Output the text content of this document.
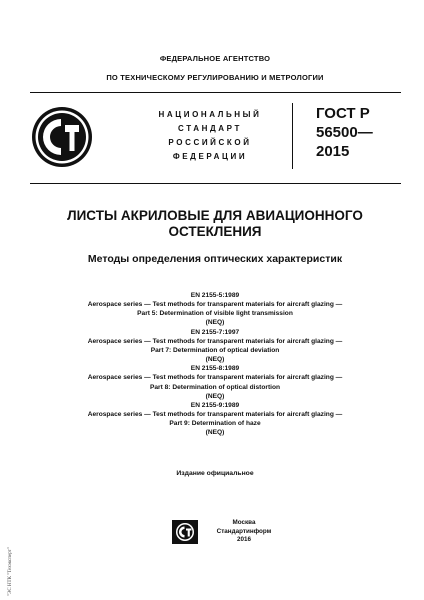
ФЕДЕРАЛЬНОЕ АГЕНТСТВО
ПО ТЕХНИЧЕСКОМУ РЕГУЛИРОВАНИЮ И МЕТРОЛОГИИ
НАЦИОНАЛЬНЫЙ
СТАНДАРТ
РОССИЙСКОЙ
ФЕДЕРАЦИИ
ГОСТ Р
56500—
2015
ЛИСТЫ АКРИЛОВЫЕ ДЛЯ АВИАЦИОННОГО
ОСТЕКЛЕНИЯ
Методы определения оптических характеристик
EN 2155-5:1989
Aerospace series — Test methods for transparent materials for aircraft glazing —
Part 5: Determination of visible light transmission
(NEQ)
EN 2155-7:1997
Aerospace series — Test methods for transparent materials for aircraft glazing —
Part 7: Determination of optical deviation
(NEQ)
EN 2155-8:1989
Aerospace series — Test methods for transparent materials for aircraft glazing —
Part 8: Determination of optical distortion
(NEQ)
EN 2155-9:1989
Aerospace series — Test methods for transparent materials for aircraft glazing —
Part 9: Determination of haze
(NEQ)
Издание официальное
Москва
Стандартинформ
2016
"ЭС НТК "Техэксперт"
